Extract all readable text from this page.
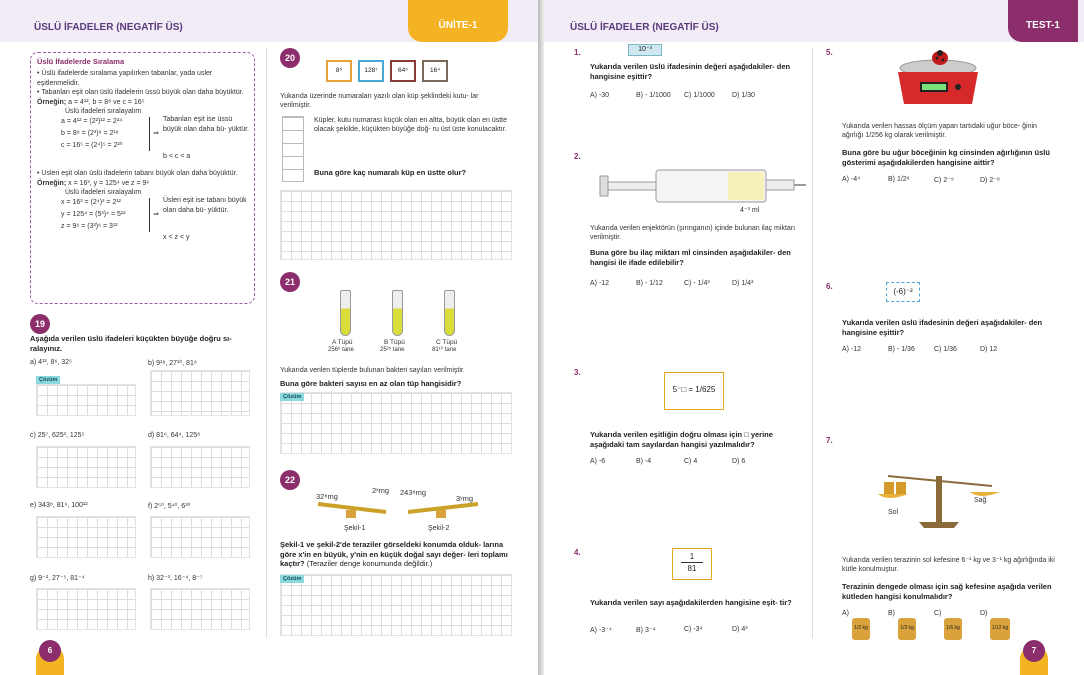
ÜSLÜ İFADELER (NEGATİF ÜS)	ÜNİTE-1
Üslü İfadelerde Sıralama
• Üslü ifadelerde sıralama yapılırken tabanlar, yada usler eşitlenmelidir.
• Tabanları eşit olan üslü ifadelerin üssü büyük olan daha büyüktür.
Örneğin; a = 4¹², b = 8⁸ ve c = 16⁵
Üslü ifadeleri sıralayalım
a = 4¹² = (2²)¹² = 2²⁴
b = 8⁸ = (2³)⁸ = 2¹⁸
c = 16⁵ = (2⁴)⁵ = 2²⁰
⇒
Tabanları eşit ise üssü büyük olan daha bü- yüktür.
b < c < a
• Usleri eşit olan üslü ifadelerin tabanı büyük olan daha büyüktür.
Örneğin; x = 16³, y = 125⁴ ve z = 9⁶
Üslü ifadeleri sıralayalım
x = 16³ = (2⁴)³ = 2¹²
y = 125⁴ = (5³)⁴ = 5¹²
z = 9⁶ = (3²)⁶ = 3¹²
⇒
Üsleri eşit ise tabanı büyük olan daha bü- yüktür.
x < z < y
19
Aşağıda verilen üslü ifadeleri küçükten büyüğe doğru sı- ralayınız.
a) 4¹², 8⁶, 32⁵	b) 9¹⁸, 27¹⁰, 81⁸
Çözüm
c) 25⁷, 625³, 125⁵	d) 81⁶, 64⁴, 125⁸
e) 343⁸, 81⁶, 100¹²	f) 2⁵⁰, 5⁴⁰, 6³⁰
g) 9⁻², 27⁻⁵, 81⁻⁴	h) 32⁻³, 16⁻⁴, 8⁻⁷
20
8⁵	128⁷	64⁵	16⁴
Yukarıda üzerinde numaraları yazılı olan küp şeklindeki kutu- lar verilmiştir.
Küpler, kutu numarası küçük olan en altta, büyük olan en üstte olacak şekilde, küçükten büyüğe doğ- ru üst üste konulacaktır.
Buna göre kaç numaralı küp en üstte olur?
21
A Tüpü
256⁶ tane
B Tüpü
25²⁵ tane
C Tüpü
81¹⁰ tane
Yukarıda verilen tüplerde bulunan bakteri sayıları verilmiştir.
Buna göre bakteri sayısı en az olan tüp hangisidir?
Çözüm
22
32⁸mg
2ˣmg 243⁸mg
3ʸmg
Şekil-1	Şekil-2
Şekil-1 ve şekil-2'de teraziler görseldeki konumda olduk- larına göre x'in en büyük, y'nin en küçük doğal sayı değer- leri toplamı kaçtır? (Teraziler denge konumunda değildir.)
Çözüm
6
ÜSLÜ İFADELER (NEGATİF ÜS)	TEST-1
1.	10⁻³
Yukarıda verilen üslü ifadesinin değeri aşağıdakiler- den hangisine eşittir?
A) -30	B) - 1/1000 C) 1/1000 D) 1/30
2.
4⁻³ ml
Yukarıda verilen enjektörün (şırınganın) içinde bulunan ilaç miktarı verilmiştir.
Buna göre bu ilaç miktarı ml cinsinden aşağıdakiler- den hangisi ile ifade edilebilir?
A) -12	B) - 1/12	C) - 1/4³	D) 1/4³
3.
5⁻□ = 1/625
Yukarıda verilen eşitliğin doğru olması için □ yerine aşağıdaki tam sayılardan hangisi yazılmalıdır?
A) -6	B) -4	C) 4	D) 6
4.	1
81
Yukarıda verilen sayı aşağıdakilerden hangisine eşit- tir?
A) -3⁻⁴	B) 3⁻⁴	C) -3⁴	D) 4³
5.
Yukarıda verilen hassas ölçüm yapan tartıdaki uğur böce- ğinin ağırlığı 1/256 kg olarak verilmiştir.
Buna göre bu uğur böceğinin kg cinsinden ağırlığının üslü gösterimi aşağıdakilerden hangisine aittir?
A) -4⁴	B) 1/2⁸	C) 2⁻⁹	D) 2⁻⁸
6.
(-6)⁻²
Yukarıda verilen üslü ifadesinin değeri aşağıdakiler- den hangisine eşittir?
A) -12	B) - 1/36	C) 1/36	D) 12
7.
Sol
Sağ
Yukarıda verilen terazinin sol kefesine 6⁻¹ kg ve 3⁻¹ kg ağırlığında iki kütle konulmuştur.
Terazinin dengede olması için sağ kefesine aşağıda verilen kütleden hangisi konulmalıdır?
A)	B)	C)	D)
1/2 kg	1/3 kg	1/6 kg	1/12 kg
7
